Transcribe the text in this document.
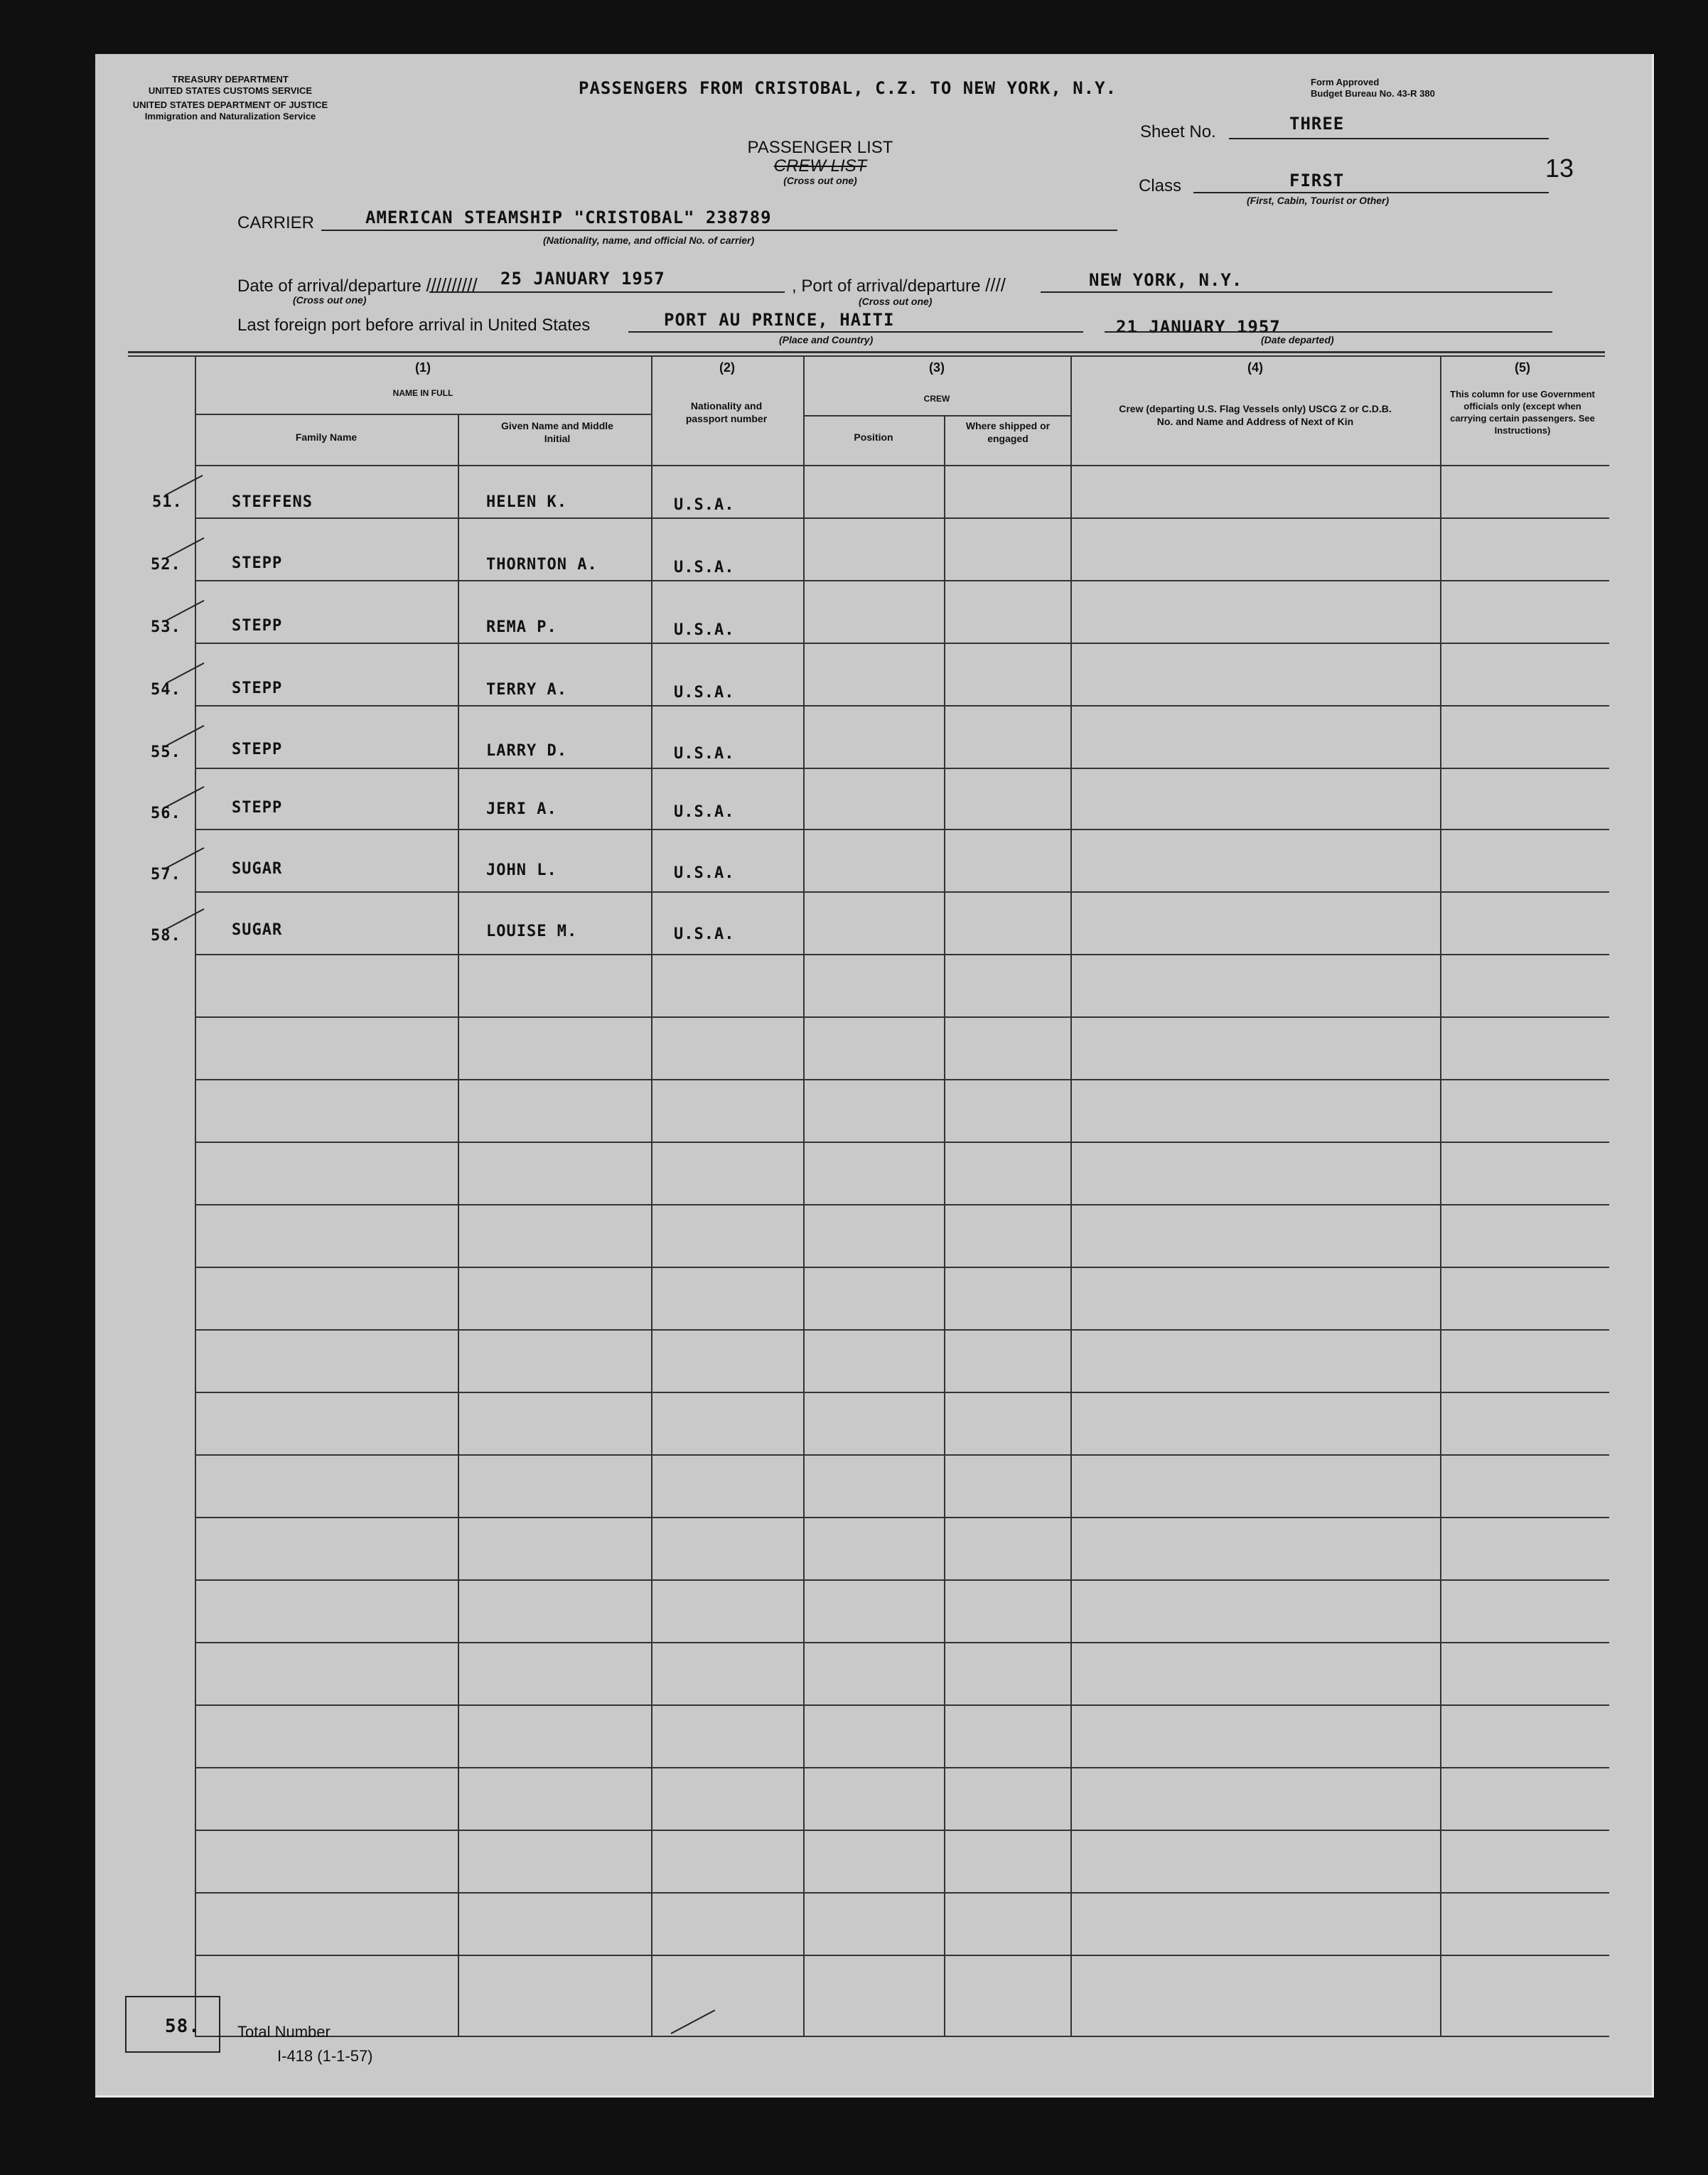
TREASURY DEPARTMENT
UNITED STATES CUSTOMS SERVICE
UNITED STATES DEPARTMENT OF JUSTICE
Immigration and Naturalization Service
PASSENGERS FROM CRISTOBAL, C.Z. TO NEW YORK, N.Y.	Form Approved
Budget Bureau No. 43-R 380
PASSENGER LIST
CREW LIST
(Cross out one)
Sheet No.	THREE
13
Class	FIRST
(First, Cabin, Tourist or Other)
CARRIER	AMERICAN STEAMSHIP "CRISTOBAL" 238789
(Nationality, name, and official No. of carrier)
Date of arrival/departure ////////// 25 JANUARY 1957
(Cross out one)
, Port of arrival/departure ////	NEW YORK, N.Y.
(Cross out one)
Last foreign port before arrival in United States	PORT AU PRINCE, HAITI
(Place and Country)
21 JANUARY 1957
(Date departed)
(1)
NAME IN FULL
Family Name
Given Name and Middle Initial
(2)
Nationality and passport number
(3)
CREW
Position
Where shipped or engaged
(4)
Crew (departing U.S. Flag Vessels only) USCG Z or C.D.B. No. and Name and Address of Next of Kin
(5)
This column for use Government officials only (except when carrying certain passengers. See Instructions)
51.	STEFFENS	HELEN K.	U.S.A.
52.	STEPP	THORNTON A.	U.S.A.
53.	STEPP	REMA P.	U.S.A.
54.	STEPP	TERRY A.	U.S.A.
55.	STEPP	LARRY D.	U.S.A.
56.	STEPP	JERI A.	U.S.A.
57.	SUGAR	JOHN L.	U.S.A.
58.	SUGAR	LOUISE M.	U.S.A.
58. Total Number
I-418 (1-1-57)
